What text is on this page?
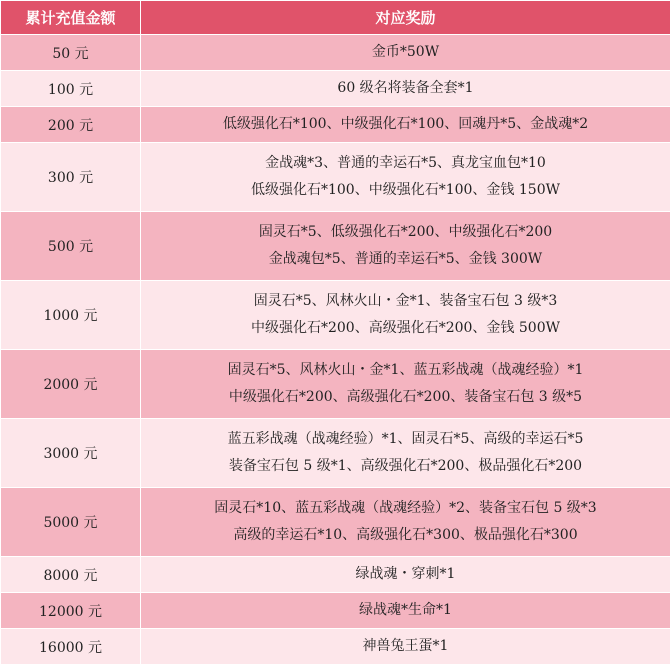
累计充值金额	对应奖励
50 元	金币*50W

100 元	60 级名将装备全套*1

200 元	低级强化石*100、中级强化石*100、回魂丹*5、金战魂*2

300 元	金战魂*3、普通的幸运石*5、真龙宝血包*10
低级强化石*100、中级强化石*100、金钱 150W

500 元	固灵石*5、低级强化石*200、中级强化石*200
金战魂包*5、普通的幸运石*5、金钱 300W

1000 元	固灵石*5、风林火山・金*1、装备宝石包 3 级*3
中级强化石*200、高级强化石*200、金钱 500W

2000 元	固灵石*5、风林火山・金*1、蓝五彩战魂（战魂经验）*1
中级强化石*200、高级强化石*200、装备宝石包 3 级*5

3000 元	蓝五彩战魂（战魂经验）*1、固灵石*5、高级的幸运石*5
装备宝石包 5 级*1、高级强化石*200、极品强化石*200

5000 元	固灵石*10、蓝五彩战魂（战魂经验）*2、装备宝石包 5 级*3
高级的幸运石*10、高级强化石*300、极品强化石*300

8000 元	绿战魂・穿刺*1

12000 元	绿战魂*生命*1

16000 元	神兽兔王蛋*1
